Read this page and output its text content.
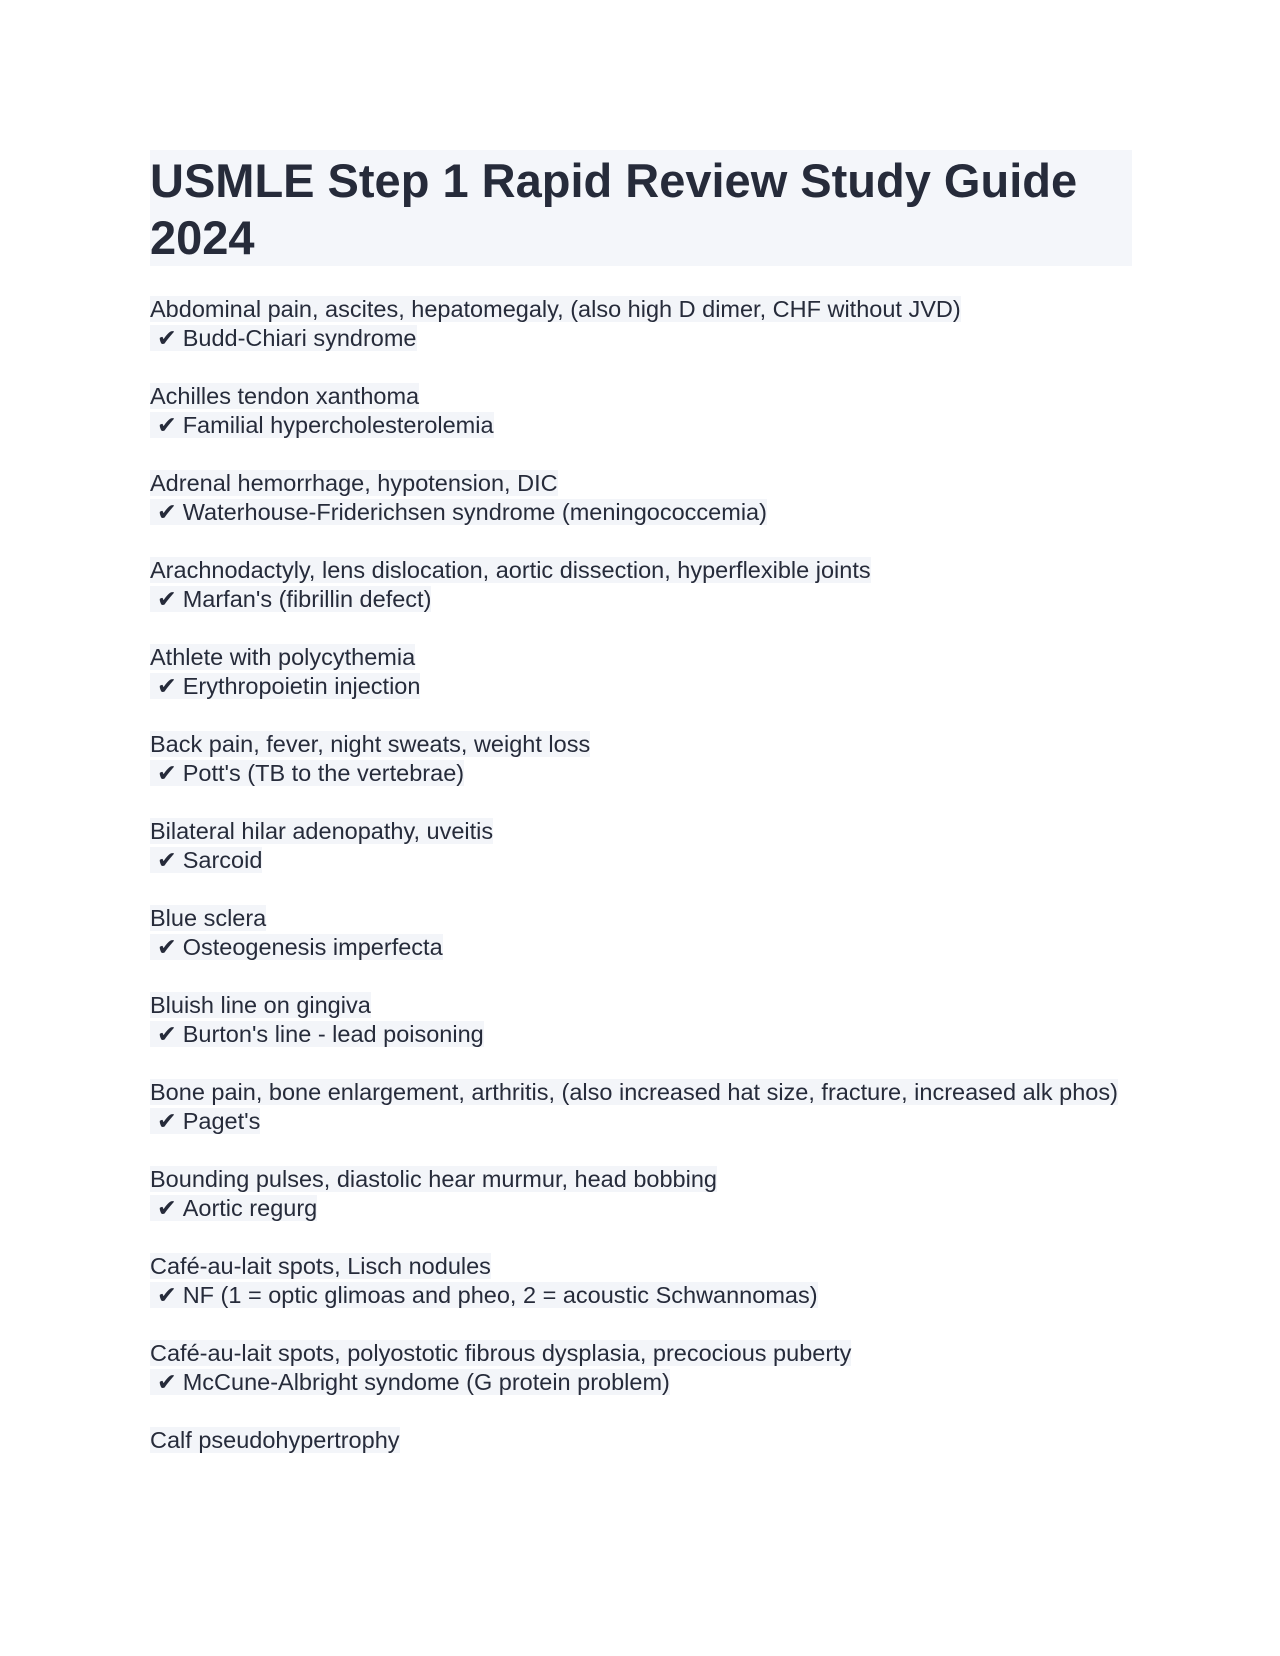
USMLE Step 1 Rapid Review Study Guide 2024
Abdominal pain, ascites, hepatomegaly, (also high D dimer, CHF without JVD)
✔ Budd-Chiari syndrome
Achilles tendon xanthoma
✔ Familial hypercholesterolemia
Adrenal hemorrhage, hypotension, DIC
✔ Waterhouse-Friderichsen syndrome (meningococcemia)
Arachnodactyly, lens dislocation, aortic dissection, hyperflexible joints
✔ Marfan's (fibrillin defect)
Athlete with polycythemia
✔ Erythropoietin injection
Back pain, fever, night sweats, weight loss
✔ Pott's (TB to the vertebrae)
Bilateral hilar adenopathy, uveitis
✔ Sarcoid
Blue sclera
✔ Osteogenesis imperfecta
Bluish line on gingiva
✔ Burton's line - lead poisoning
Bone pain, bone enlargement, arthritis, (also increased hat size, fracture, increased alk phos)
✔ Paget's
Bounding pulses, diastolic hear murmur, head bobbing
✔ Aortic regurg
Café-au-lait spots, Lisch nodules
✔ NF (1 = optic glimoas and pheo, 2 = acoustic Schwannomas)
Café-au-lait spots, polyostotic fibrous dysplasia, precocious puberty
✔ McCune-Albright syndome (G protein problem)
Calf pseudohypertrophy
